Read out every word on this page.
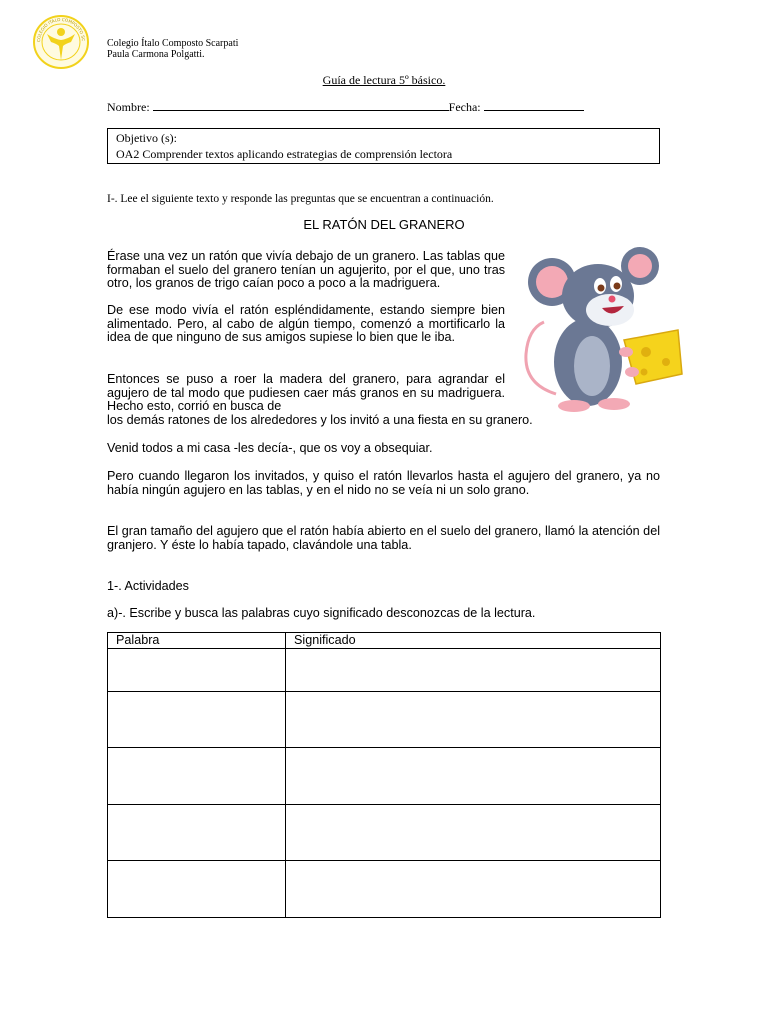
COLEGIO ITALO COMPOSTO SC Colegio Ítalo Composto Scarpati
Paula Carmona Polgatti.
Guía de lectura 5º básico.
Nombre:	Fecha:
Objetivo (s):
OA2 Comprender textos aplicando estrategias de comprensión lectora
I-. Lee el siguiente texto y responde las preguntas que se encuentran a continuación.
EL RATÓN DEL GRANERO
Érase una vez un ratón que vivía debajo de un granero. Las tablas que formaban el suelo del granero tenían un agujerito, por el que, uno tras otro, los granos de trigo caían poco a poco a la madriguera.
De ese modo vivía el ratón espléndidamente, estando siempre bien alimentado. Pero, al cabo de algún tiempo, comenzó a mortificarlo la idea de que ninguno de sus amigos supiese lo bien que le iba.
Entonces se puso a roer la madera del granero, para agrandar el agujero de tal modo que pudiesen caer más granos en su madriguera. Hecho esto, corrió en busca de
los demás ratones de los alrededores y los invitó a una fiesta en su granero.
Venid todos a mi casa -les decía-, que os voy a obsequiar.
Pero cuando llegaron los invitados, y quiso el ratón llevarlos hasta el agujero del granero, ya no había ningún agujero en las tablas, y en el nido no se veía ni un solo grano.
El gran tamaño del agujero que el ratón había abierto en el suelo del granero, llamó la atención del granjero. Y éste lo había tapado, clavándole una tabla.
1-. Actividades
a)-. Escribe y busca las palabras cuyo significado desconozcas de la lectura.
Palabra	Significado
